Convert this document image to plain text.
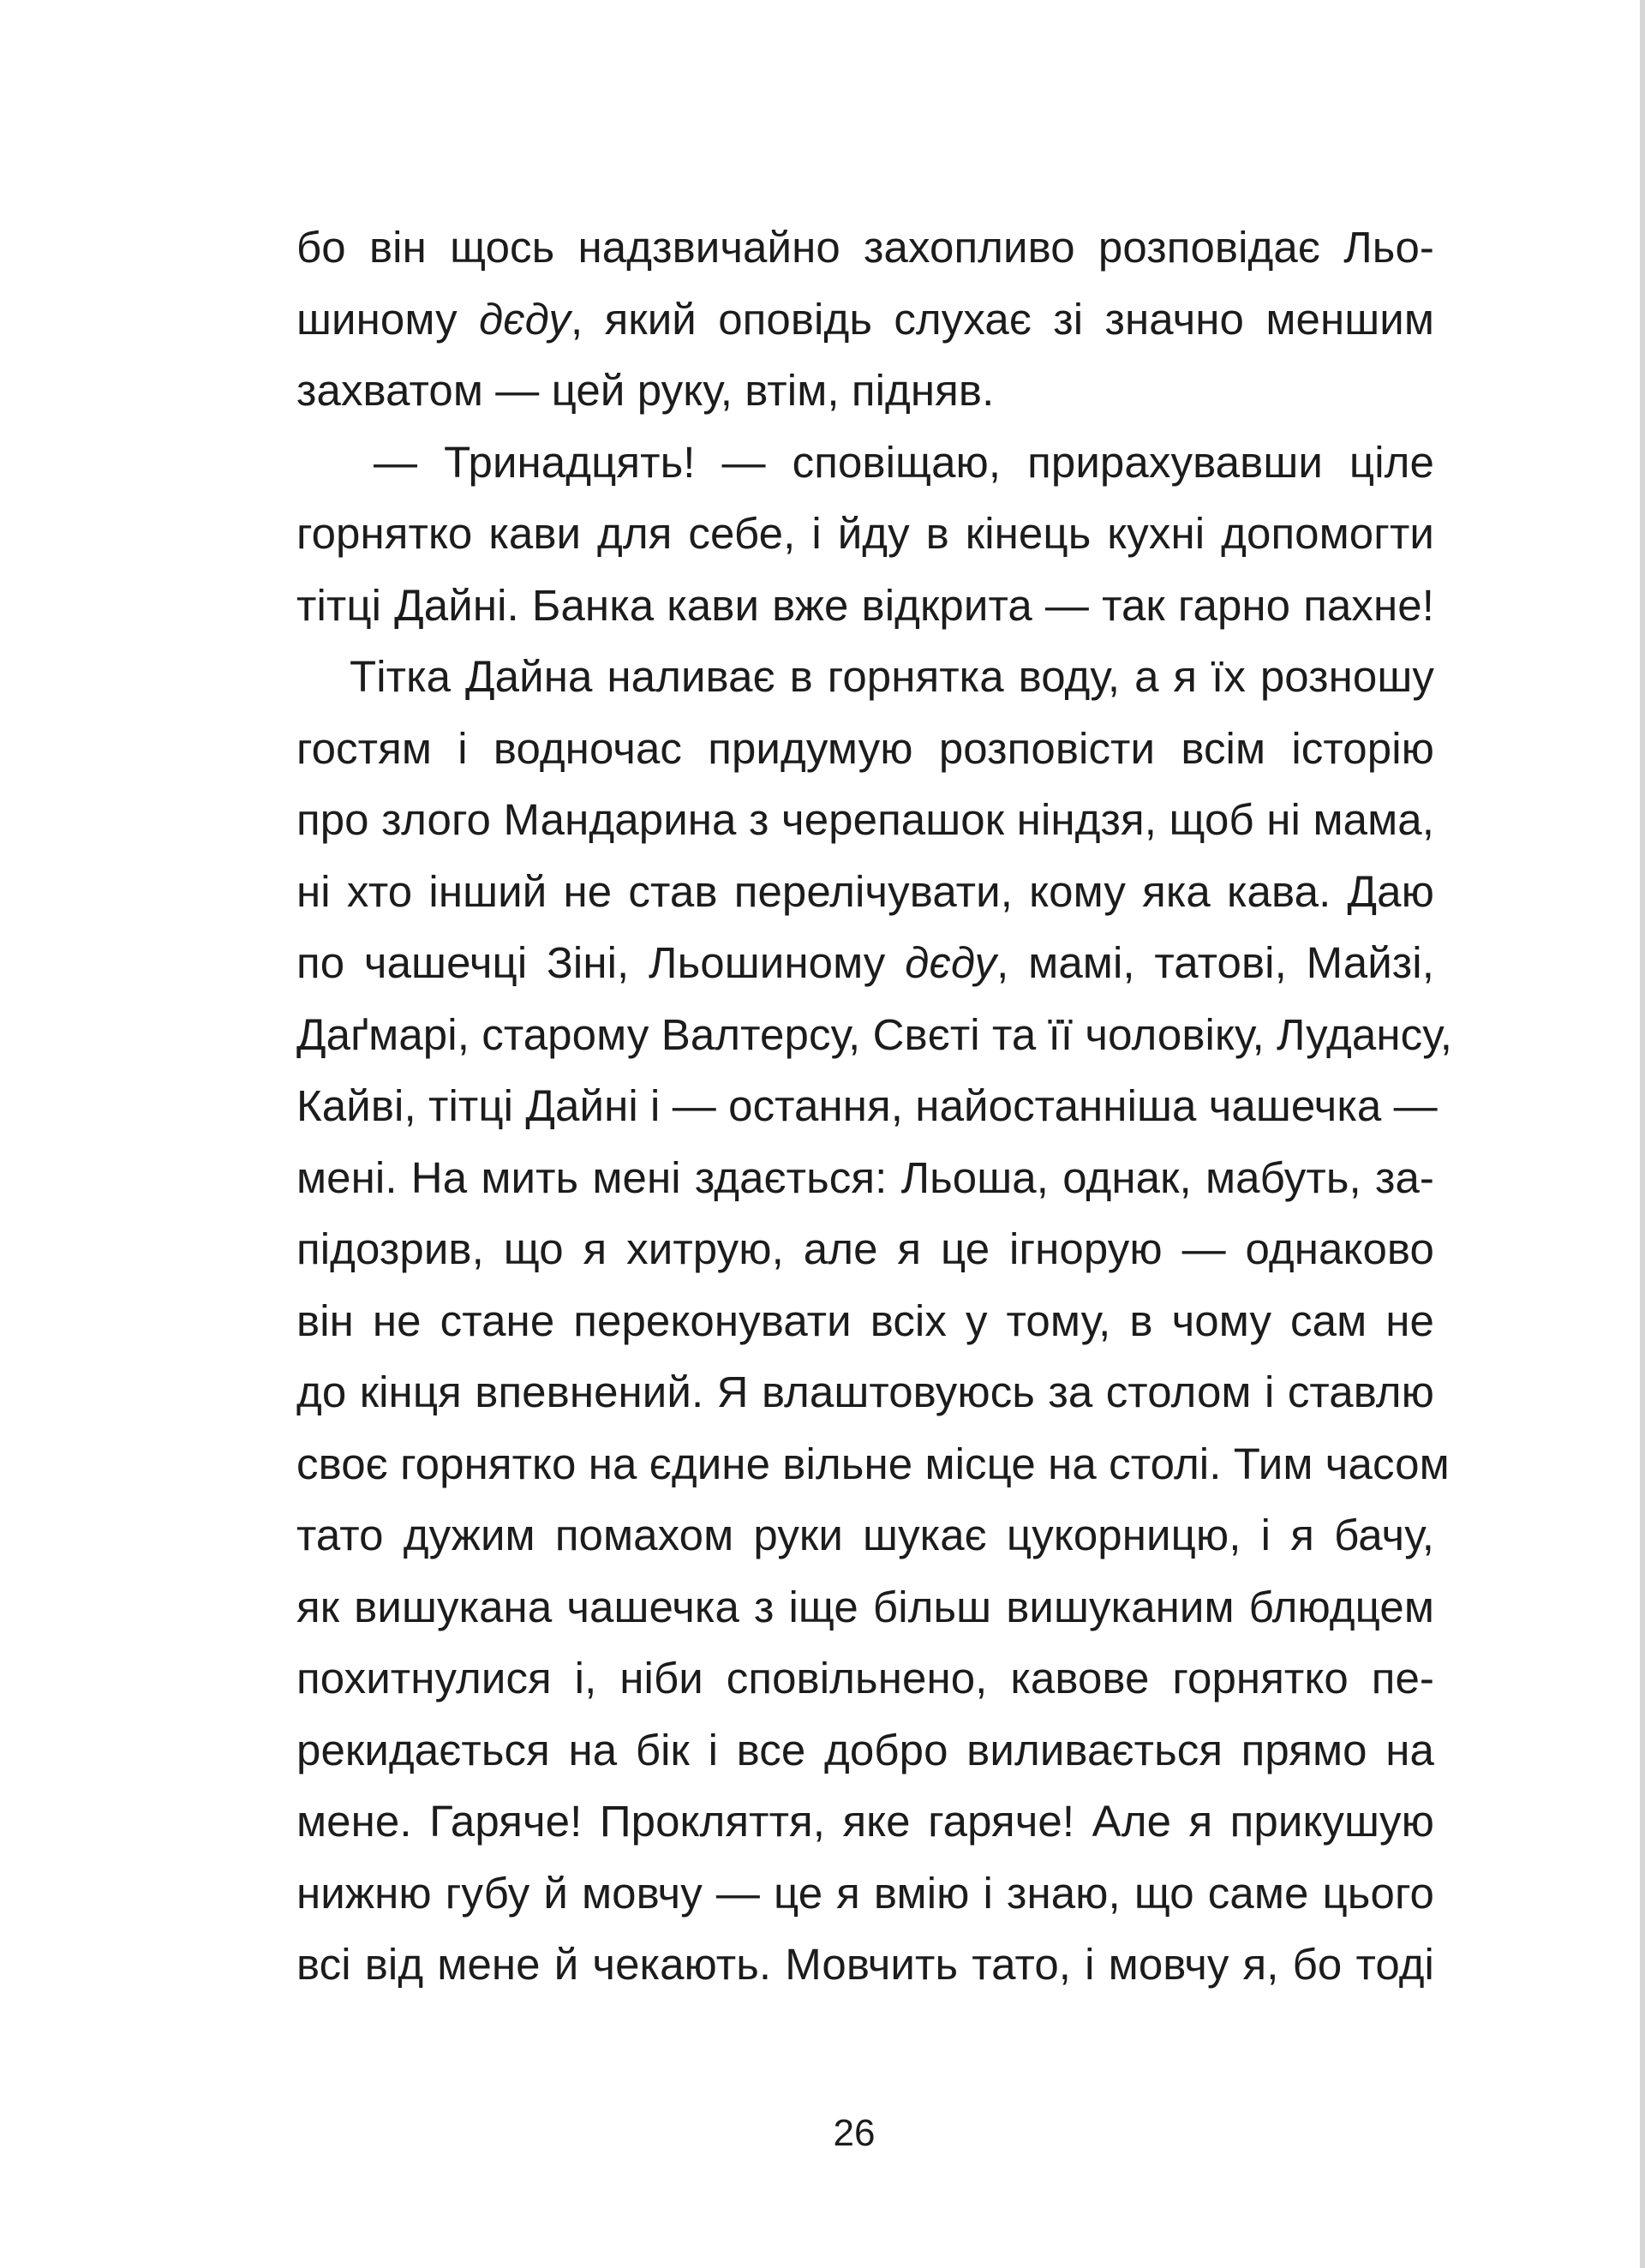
бо він щось надзвичайно захопливо розповідає Льо-
шиному дєду, який оповідь слухає зі значно меншим
захватом — цей руку, втім, підняв.
— Тринадцять! — сповіщаю, прирахувавши ціле
горнятко кави для себе, і йду в кінець кухні допомогти
тітці Дайні. Банка кави вже відкрита — так гарно пахне!
Тітка Дайна наливає в горнятка воду, а я їх розношу
гостям і водночас придумую розповісти всім історію
про злого Мандарина з черепашок ніндзя, щоб ні мама,
ні хто інший не став перелічувати, кому яка кава. Даю
по чашечці Зіні, Льошиному дєду, мамі, татові, Майзі,
Даґмарі, старому Валтерсу, Свєті та її чоловіку, Лудансу,
Кайві, тітці Дайні і — остання, найостанніша чашечка —
мені. На мить мені здається: Льоша, однак, мабуть, за-
підозрив, що я хитрую, але я це ігнорую — однаково
він не стане переконувати всіх у тому, в чому сам не
до кінця впевнений. Я влаштовуюсь за столом і ставлю
своє горнятко на єдине вільне місце на столі. Тим часом
тато дужим помахом руки шукає цукорницю, і я бачу,
як вишукана чашечка з іще більш вишуканим блюдцем
похитнулися і, ніби сповільнено, кавове горнятко пе-
рекидається на бік і все добро виливається прямо на
мене. Гаряче! Прокляття, яке гаряче! Але я прикушую
нижню губу й мовчу — це я вмію і знаю, що саме цього
всі від мене й чекають. Мовчить тато, і мовчу я, бо тоді
26
